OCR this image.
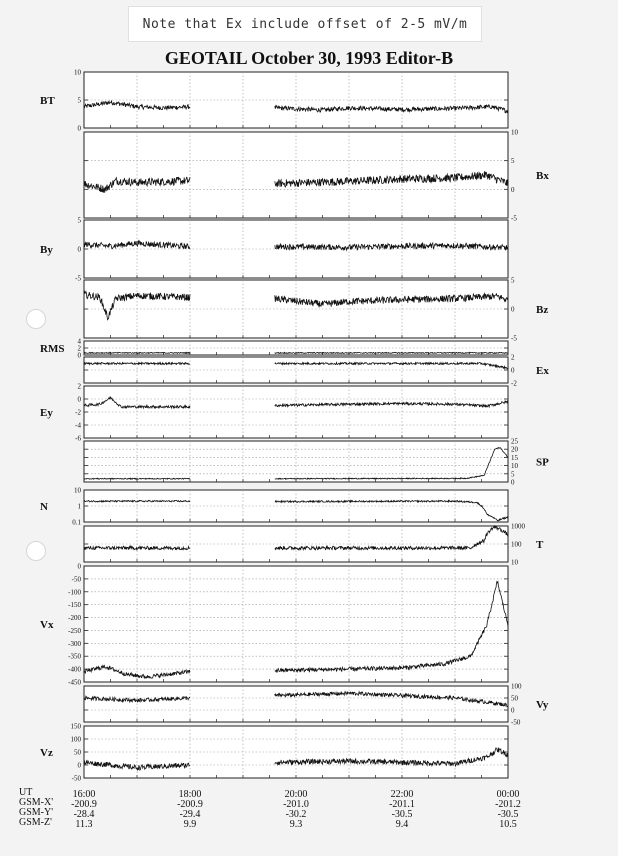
Note that Ex include offset of 2-5 mV/m
GEOTAIL October 30, 1993 Editor-B
0
5
10
BT
-5
0
5
10
Bx
-5
0
5
By
-5
0
5
Bz
0
2
4
RMS
-2
0
2
Ex
-6
-4
-2
0
2
Ey
0
5
10
15
20
25
SP
0.1
1
10
N
10
100
1000
T
-450
-400
-350
-300
-250
-200
-150
-100
-50
0
Vx
-50
0
50
100
Vy
-50
0
50
100
150
Vz
16:00
-200.9
-28.4
11.3
18:00
-200.9
-29.4
9.9
20:00
-201.0
-30.2
9.3
22:00
-201.1
-30.5
9.4
00:00
-201.2
-30.5
10.5
UT
GSM-X'
GSM-Y'
GSM-Z'
